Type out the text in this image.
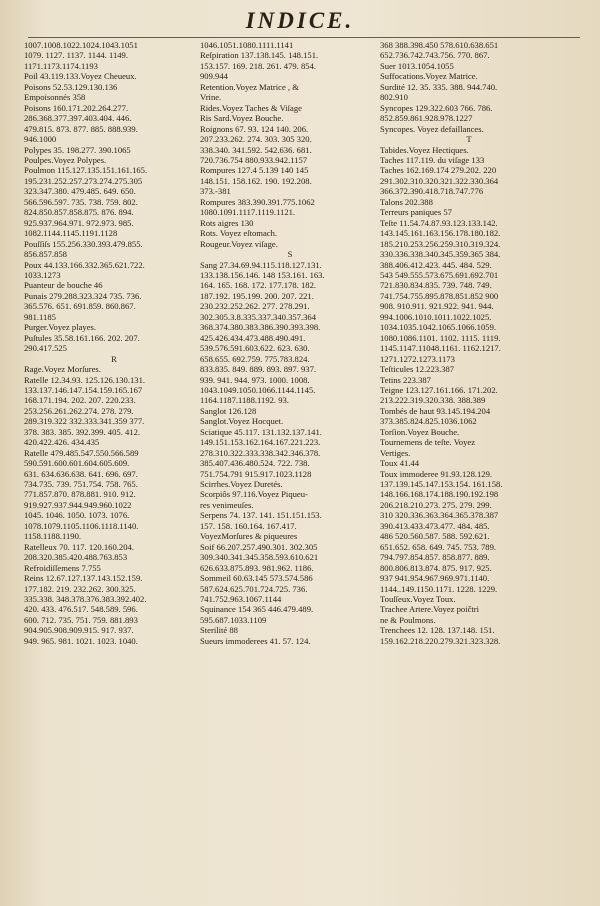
INDICE.
1007.1008.1022.1024.1043.1051
1079. 1127. 1137. 1144. 1149.
1171.1173.1174.1193
Poil 43.119.133.Voyez Cheueux.
Poisons 52.53.129.130.136
Empoisonnés 358
Poisons 160.171.202.264.277.
286.368.377.397.403.404. 446.
479.815. 873. 877. 885. 888.939.
946.1000
Polypes 35. 198.277. 390.1065
Poulpes.Voyez Polypes.
Poulmon 115.127.135.151.161.165.
195.231.252.257.273.274.275.305
323.347.380. 479.485. 649. 650.
566.596.597. 735. 738. 759. 802.
824.850.857.858.875. 876. 894.
925.937.964.971. 972.973. 985.
1082.1144.1145.1191.1128
Pouſſiſs 155.256.330.393.479.855.
856.857.858
Poux 44.133.166.332.365.621.722.
1033.1273
Puanteur de bouche 46
Punais 279.288.323.324 735. 736.
365.576. 651. 691.859. 860.867.
981.1185
Purger.Voyez playes.
Puſtules 35.58.161.166. 202. 207.
290.417.525
R
Rage.Voyez Morſures.
Ratelle 12.34.93. 125.126.130.131.
133.137.146.147.154.159.165.167
168.171.194. 202. 207. 220.233.
253.256.261.262.274. 278. 279.
289.319.322 332.333.341.359 377.
378. 383. 385. 392.399. 405. 412.
420.422.426. 434.435
Ratelle 479.485.547.550.566.589
590.591.600.601.604.605.609.
631. 634.636.638. 641. 696. 697.
734.735. 739. 751.754. 758. 765.
771.857.870. 878.881. 910. 912.
919.927.937.944.949.960.1022
1045. 1046. 1050. 1073. 1076.
1078.1079.1105.1106.1118.1140.
1158.1188.1190.
Ratelleux 70. 117. 120.160.204.
208.320.385.420.488.763.853
Refroidiſſemens 7.755
Reins 12.67.127.137.143.152.159.
177.182. 219. 232.262. 300.325.
335.338. 348.378.376.383.392.402.
420. 433. 476.517. 548.589. 596.
600. 712. 735. 751. 759. 881.893
904.905.908.909.915. 917. 937.
949. 965. 981. 1021. 1023. 1040.
1046.1051.1080.1111.1141
Reſpiration 137.138.145. 148.151.
153.157. 169. 218. 261. 479. 854.
909.944
Retention.Voyez Matrice , &
Vrine.
Rides.Voyez Taches & Viſage
Ris Sard.Voyez Bouche.
Roignons 67. 93. 124 140. 206.
207.233.262. 274. 303. 305 320.
338.340. 341.592. 542.636. 681.
720.736.754 880.933.942.1157
Rompures 127.4 5.139 140 145
148.151. 158.162. 190. 192.208.
373.-381
Rompures 383.390.391.775.1062
1080.1091.1117.1119.1121.
Rots aigres 130
Rots. Voyez eſtomach.
Rougeur.Voyez viſage.
S
Sang 27.34.69.94.115.118.127.131.
133.138.156.146. 148 153.161. 163.
164. 165. 168. 172. 177.178. 182.
187.192. 195.199. 200. 207. 221.
230.232.252.262. 277. 278.291.
302.305.3.8.335.337.340.357.364
368.374.380.383.386.390.393.398.
425.426.434.473.488.490.491.
539.576.591.603.622. 623. 630.
658.655. 692.759. 775.783.824.
833.835. 849. 889. 893. 897. 937.
939. 941. 944. 973. 1000. 1008.
1043.1049.1050.1066.1144.1145.
1164.1187.1188.1192. 93.
Sanglot 126.128
Sanglot.Voyez Hocquet.
Sciatique 45.117. 131.132.137.141.
149.151.153.162.164.167.221.223.
278.310.322.333.338.342.346.378.
385.407.436.480.524. 722. 738.
751.754.791 915.917.1023.1128
Scirrhes.Voyez Duretés.
Scorpiôs 97.116.Voyez Piqueu-
res venimeuſes.
Serpens 74. 137. 141. 151.151.153.
157. 158. 160.164. 167.417.
VoyezMorſures & piqueures
Soif 66.207.257.490.301. 302.305
309.340.341.345.358.593.610.621
626.633.875.893. 981.962. 1186.
Sommeil 60.63.145 573.574.586
587.624.625.701.724.725. 736.
741.752.963.1067.1144
Squinance 154 365 446.479.489.
595.687.1033.1109
Sterilité 88
Sueurs immoderees 41. 57. 124.
368 388.398.450 578.610.638.651
652.736.742.743.756. 770. 867.
Suer 1013.1054.1055
Suffocations.Voyez Matrice.
Surdité 12. 35. 335. 388. 944.740.
802.910
Syncopes 129.322.603 766. 786.
852.859.861.928.978.1227
Syncopes. Voyez defaillances.
T
Tabides.Voyez Hectiques.
Taches 117.119. du viſage 133
Taches 162.169.174 279.202. 220
291.302.310.320.321.322.330.364
366.372.390.418.718.747.776
Talons 202.388
Terreurs paniques 57
Teſte 11.54.74.87.93.123.133.142.
143.145.161.163.156.178.180.182.
185.210.253.256.259.310.319.324.
330.336.338.340.345.359.365 384.
388.406.412.423. 445. 484. 529.
543 549.555.573.675.691.692.701
721.830.834.835. 739. 748. 749.
741.754.755.895.878.851.852 900
908. 910.911. 921.922. 941. 944.
994.1006.1010.1011.1022.1025.
1034.1035.1042.1065.1066.1059.
1080.1086.1101. 1102. 1115. 1119.
1145.1147.11048.1161. 1162.1217.
1271.1272.1273.1173
Teſticules 12.223.387
Tetins 223.387
Teigne 123.127.161.166. 171.202.
213.222.319.320.338. 388.389
Tombés de haut 93.145.194.204
373.385.824.825.1036.1062
Torſion.Voyez Bouche.
Tournemens de teſte. Voyez
Vertiges.
Toux 41.44
Toux immoderee 91.93.128.129.
137.139.145.147.153.154. 161.158.
148.166.168.174.188.190.192.198
206.218.210.273. 275. 279. 299.
310 320.336.363.364.365.378.387
390.413.433.473.477. 484. 485.
486 520.560.587. 588. 592.621.
651.652. 658. 649. 745. 753. 789.
794.797.854.857. 858.877. 889.
800.806.813.874. 875. 917. 925.
937 941.954.967.969.971.1140.
1144..149.1150.1171. 1228. 1229.
Touſſeux.Voyez Toux.
Trachee Artere.Voyez poičtri
ne & Poulmons.
Trenchees 12. 128. 137.148. 151.
159.162.218.220.279.321.323.328.
